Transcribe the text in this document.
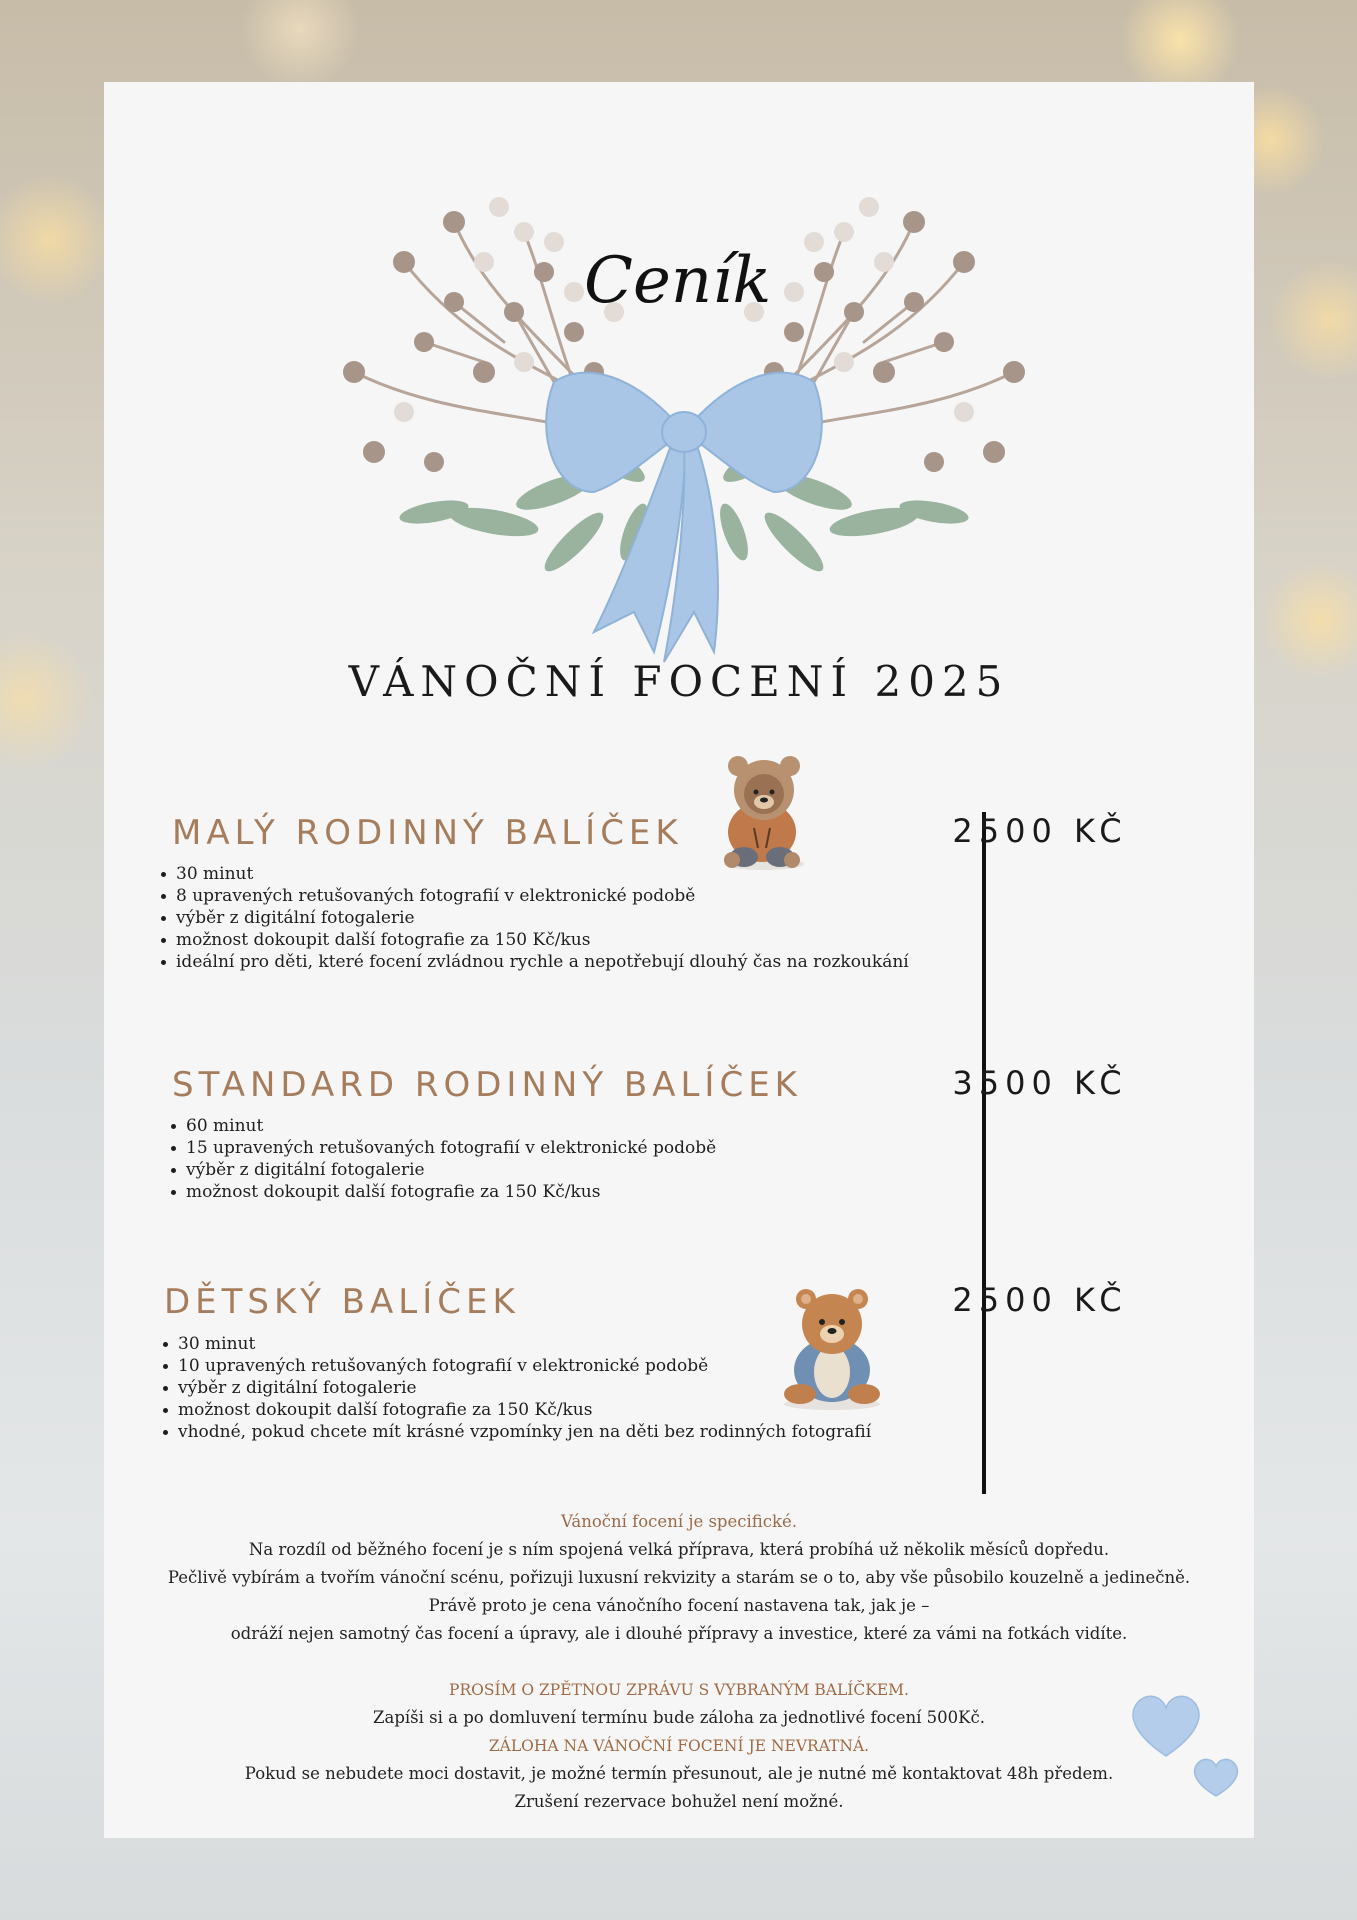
Ceník
VÁNOČNÍ FOCENÍ 2025
MALÝ RODINNÝ BALÍČEK	2500 KČ
30 minut
8 upravených retušovaných fotografií v elektronické podobě
výběr z digitální fotogalerie
možnost dokoupit další fotografie za 150 Kč/kus
ideální pro děti, které focení zvládnou rychle a nepotřebují dlouhý čas na rozkoukání
STANDARD RODINNÝ BALÍČEK	3500 KČ
60 minut
15 upravených retušovaných fotografií v elektronické podobě
výběr z digitální fotogalerie
možnost dokoupit další fotografie za 150 Kč/kus
DĚTSKÝ BALÍČEK	2500 KČ
30 minut
10 upravených retušovaných fotografií v elektronické podobě
výběr z digitální fotogalerie
možnost dokoupit další fotografie za 150 Kč/kus
vhodné, pokud chcete mít krásné vzpomínky jen na děti bez rodinných fotografií
Vánoční focení je specifické.
Na rozdíl od běžného focení je s ním spojená velká příprava, která probíhá už několik měsíců dopředu.
Pečlivě vybírám a tvořím vánoční scénu, pořizuji luxusní rekvizity a starám se o to, aby vše působilo kouzelně a jedinečně.
Právě proto je cena vánočního focení nastavena tak, jak je –
odráží nejen samotný čas focení a úpravy, ale i dlouhé přípravy a investice, které za vámi na fotkách vidíte.
PROSÍM O ZPĚTNOU ZPRÁVU S VYBRANÝM BALÍČKEM.
Zapíši si a po domluvení termínu bude záloha za jednotlivé focení 500Kč.
ZÁLOHA NA VÁNOČNÍ FOCENÍ JE NEVRATNÁ.
Pokud se nebudete moci dostavit, je možné termín přesunout, ale je nutné mě kontaktovat 48h předem.
Zrušení rezervace bohužel není možné.
